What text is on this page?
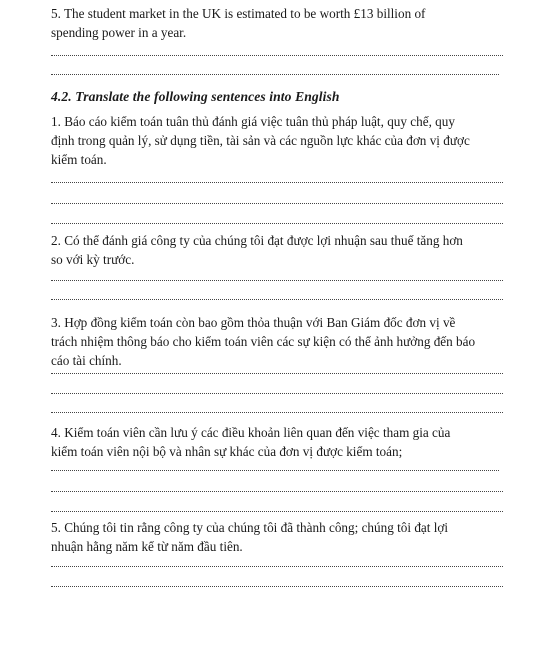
5. The student market in the UK is estimated to be worth £13 billion of

spending power in a year.

4.2. Translate the following sentences into English

1. Báo cáo kiểm toán tuân thủ đánh giá việc tuân thủ pháp luật, quy chế, quy

định trong quản lý, sử dụng tiền, tài sản và các nguồn lực khác của đơn vị được

kiểm toán.

2. Có thể đánh giá công ty của chúng tôi đạt được lợi nhuận sau thuế tăng hơn

so với kỳ trước.

3. Hợp đồng kiểm toán còn bao gồm thỏa thuận với Ban Giám đốc đơn vị về

trách nhiệm thông báo cho kiểm toán viên các sự kiện có thể ảnh hưởng đến báo

cáo tài chính.

4. Kiểm toán viên cần lưu ý các điều khoản liên quan đến việc tham gia của

kiểm toán viên nội bộ và nhân sự khác của đơn vị được kiểm toán;

5. Chúng tôi tin rằng công ty của chúng tôi đã thành công; chúng tôi đạt lợi

nhuận hằng năm kể từ năm đầu tiên.
